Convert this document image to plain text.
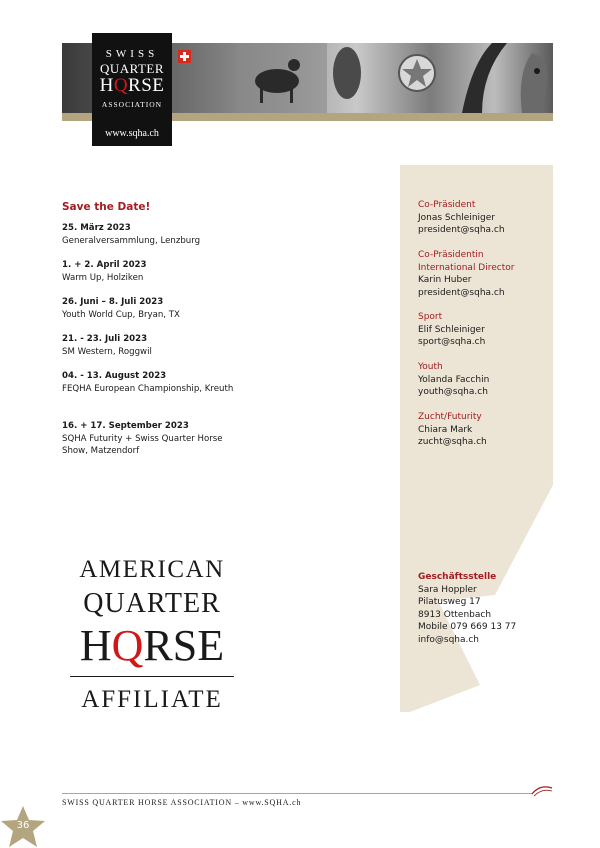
SWISS
QUARTER
HQRSE
ASSOCIATION
www.sqha.ch
Co-Präsident
Jonas Schleiniger
president@sqha.ch
Co-Präsidentin
International Director
Karin Huber
president@sqha.ch
Sport
Elif Schleiniger
sport@sqha.ch
Youth
Yolanda Facchin
youth@sqha.ch
Zucht/Futurity
Chiara Mark
zucht@sqha.ch
Geschäftsstelle
Sara Hoppler
Pilatusweg 17
8913 Ottenbach
Mobile 079 669 13 77
info@sqha.ch
Save the Date!
25. März 2023
Generalversammlung, Lenzburg
1. + 2. April 2023
Warm Up, Holziken
26. Juni – 8. Juli 2023
Youth World Cup, Bryan, TX
21. - 23. Juli 2023
SM Western, Roggwil
04. - 13. August 2023
FEQHA European Championship, Kreuth
16. + 17. September 2023
SQHA Futurity + Swiss Quarter Horse Show, Matzendorf
AMERICAN
QUARTER
HQRSE
AFFILIATE
SWISS QUARTER HORSE ASSOCIATION – www.SQHA.ch
36
